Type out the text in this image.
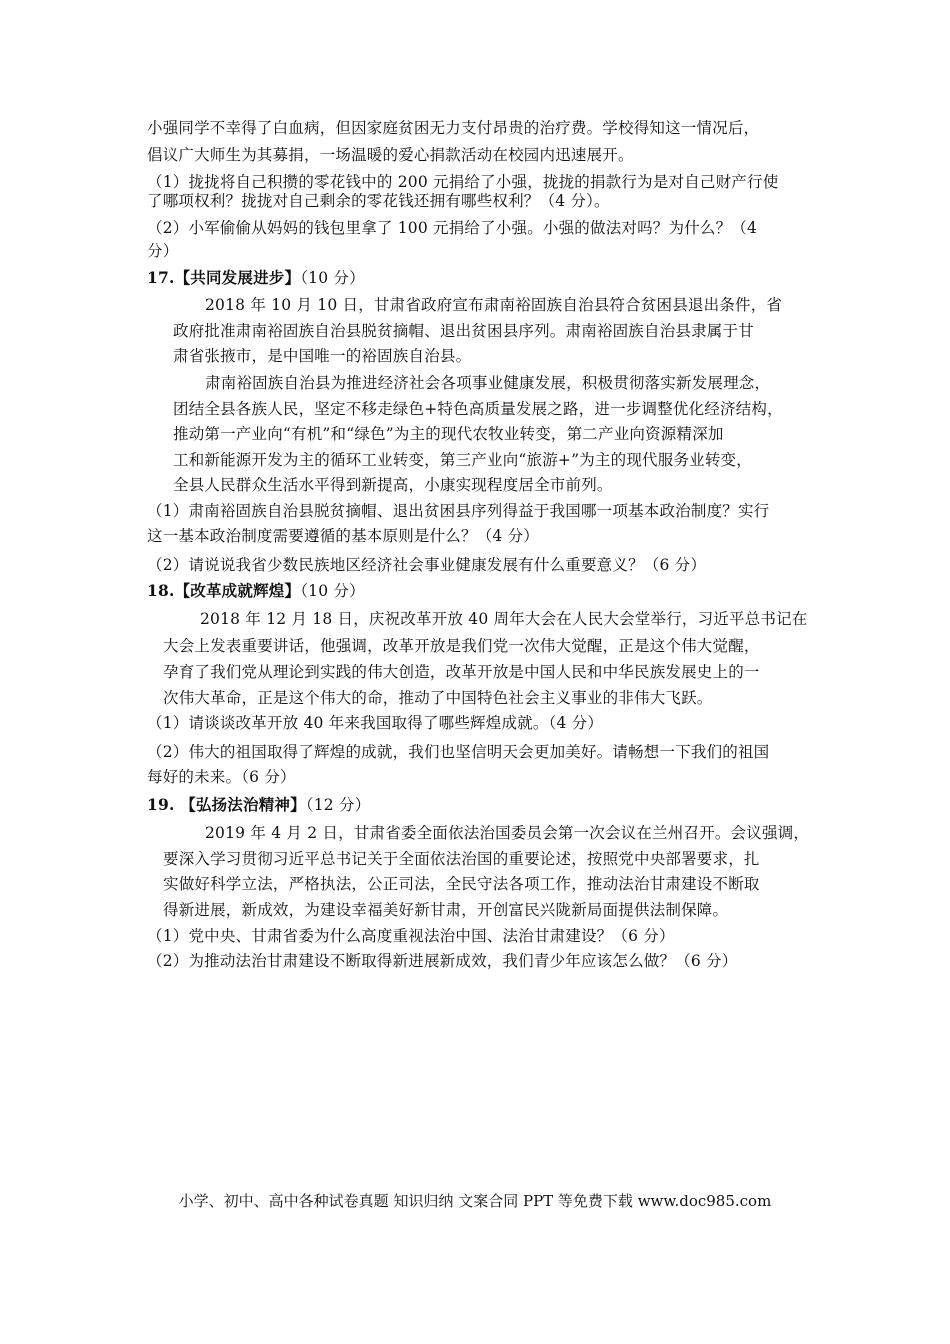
小强同学不幸得了白血病，但因家庭贫困无力支付昂贵的治疗费。学校得知这一情况后，
倡议广大师生为其募捐，一场温暖的爱心捐款活动在校园内迅速展开。
（1）拢拢将自己积攒的零花钱中的 200 元捐给了小强，拢拢的捐款行为是对自己财产行使
了哪项权利？拢拢对自己剩余的零花钱还拥有哪些权利？（4 分）。
（2）小军偷偷从妈妈的钱包里拿了 100 元捐给了小强。小强的做法对吗？为什么？（4
分）
17.【共同发展进步】（10 分）
2018 年 10 月 10 日，甘肃省政府宣布肃南裕固族自治县符合贫困县退出条件，省
政府批准肃南裕固族自治县脱贫摘帽、退出贫困县序列。肃南裕固族自治县隶属于甘
肃省张掖市，是中国唯一的裕固族自治县。
肃南裕固族自治县为推进经济社会各项事业健康发展，积极贯彻落实新发展理念，
团结全县各族人民，坚定不移走绿色+特色高质量发展之路，进一步调整优化经济结构，
推动第一产业向“有机”和“绿色”为主的现代农牧业转变，第二产业向资源精深加
工和新能源开发为主的循环工业转变，第三产业向“旅游+”为主的现代服务业转变，
全县人民群众生活水平得到新提高，小康实现程度居全市前列。
（1）肃南裕固族自治县脱贫摘帽、退出贫困县序列得益于我国哪一项基本政治制度？实行
这一基本政治制度需要遵循的基本原则是什么？（4 分）
（2）请说说我省少数民族地区经济社会事业健康发展有什么重要意义？（6 分）
18.【改革成就辉煌】（10 分）
2018 年 12 月 18 日，庆祝改革开放 40 周年大会在人民大会堂举行，习近平总书记在
大会上发表重要讲话，他强调，改革开放是我们党一次伟大觉醒，正是这个伟大觉醒，
孕育了我们党从理论到实践的伟大创造，改革开放是中国人民和中华民族发展史上的一
次伟大革命，正是这个伟大的命，推动了中国特色社会主义事业的非伟大飞跃。
（1）请谈谈改革开放 40 年来我国取得了哪些辉煌成就。（4 分）
（2）伟大的祖国取得了辉煌的成就，我们也坚信明天会更加美好。请畅想一下我们的祖国
每好的未来。（6 分）
19. 【弘扬法治精神】（12 分）
2019 年 4 月 2 日，甘肃省委全面依法治国委员会第一次会议在兰州召开。会议强调，
要深入学习贯彻习近平总书记关于全面依法治国的重要论述，按照党中央部署要求，扎
实做好科学立法，严格执法，公正司法，全民守法各项工作，推动法治甘肃建设不断取
得新进展，新成效，为建设幸福美好新甘肃，开创富民兴陇新局面提供法制保障。
（1）党中央、甘肃省委为什么高度重视法治中国、法治甘肃建设？（6 分）
（2）为推动法治甘肃建设不断取得新进展新成效，我们青少年应该怎么做？（6 分）
小学、初中、高中各种试卷真题 知识归纳 文案合同 PPT 等免费下载 www.doc985.com
